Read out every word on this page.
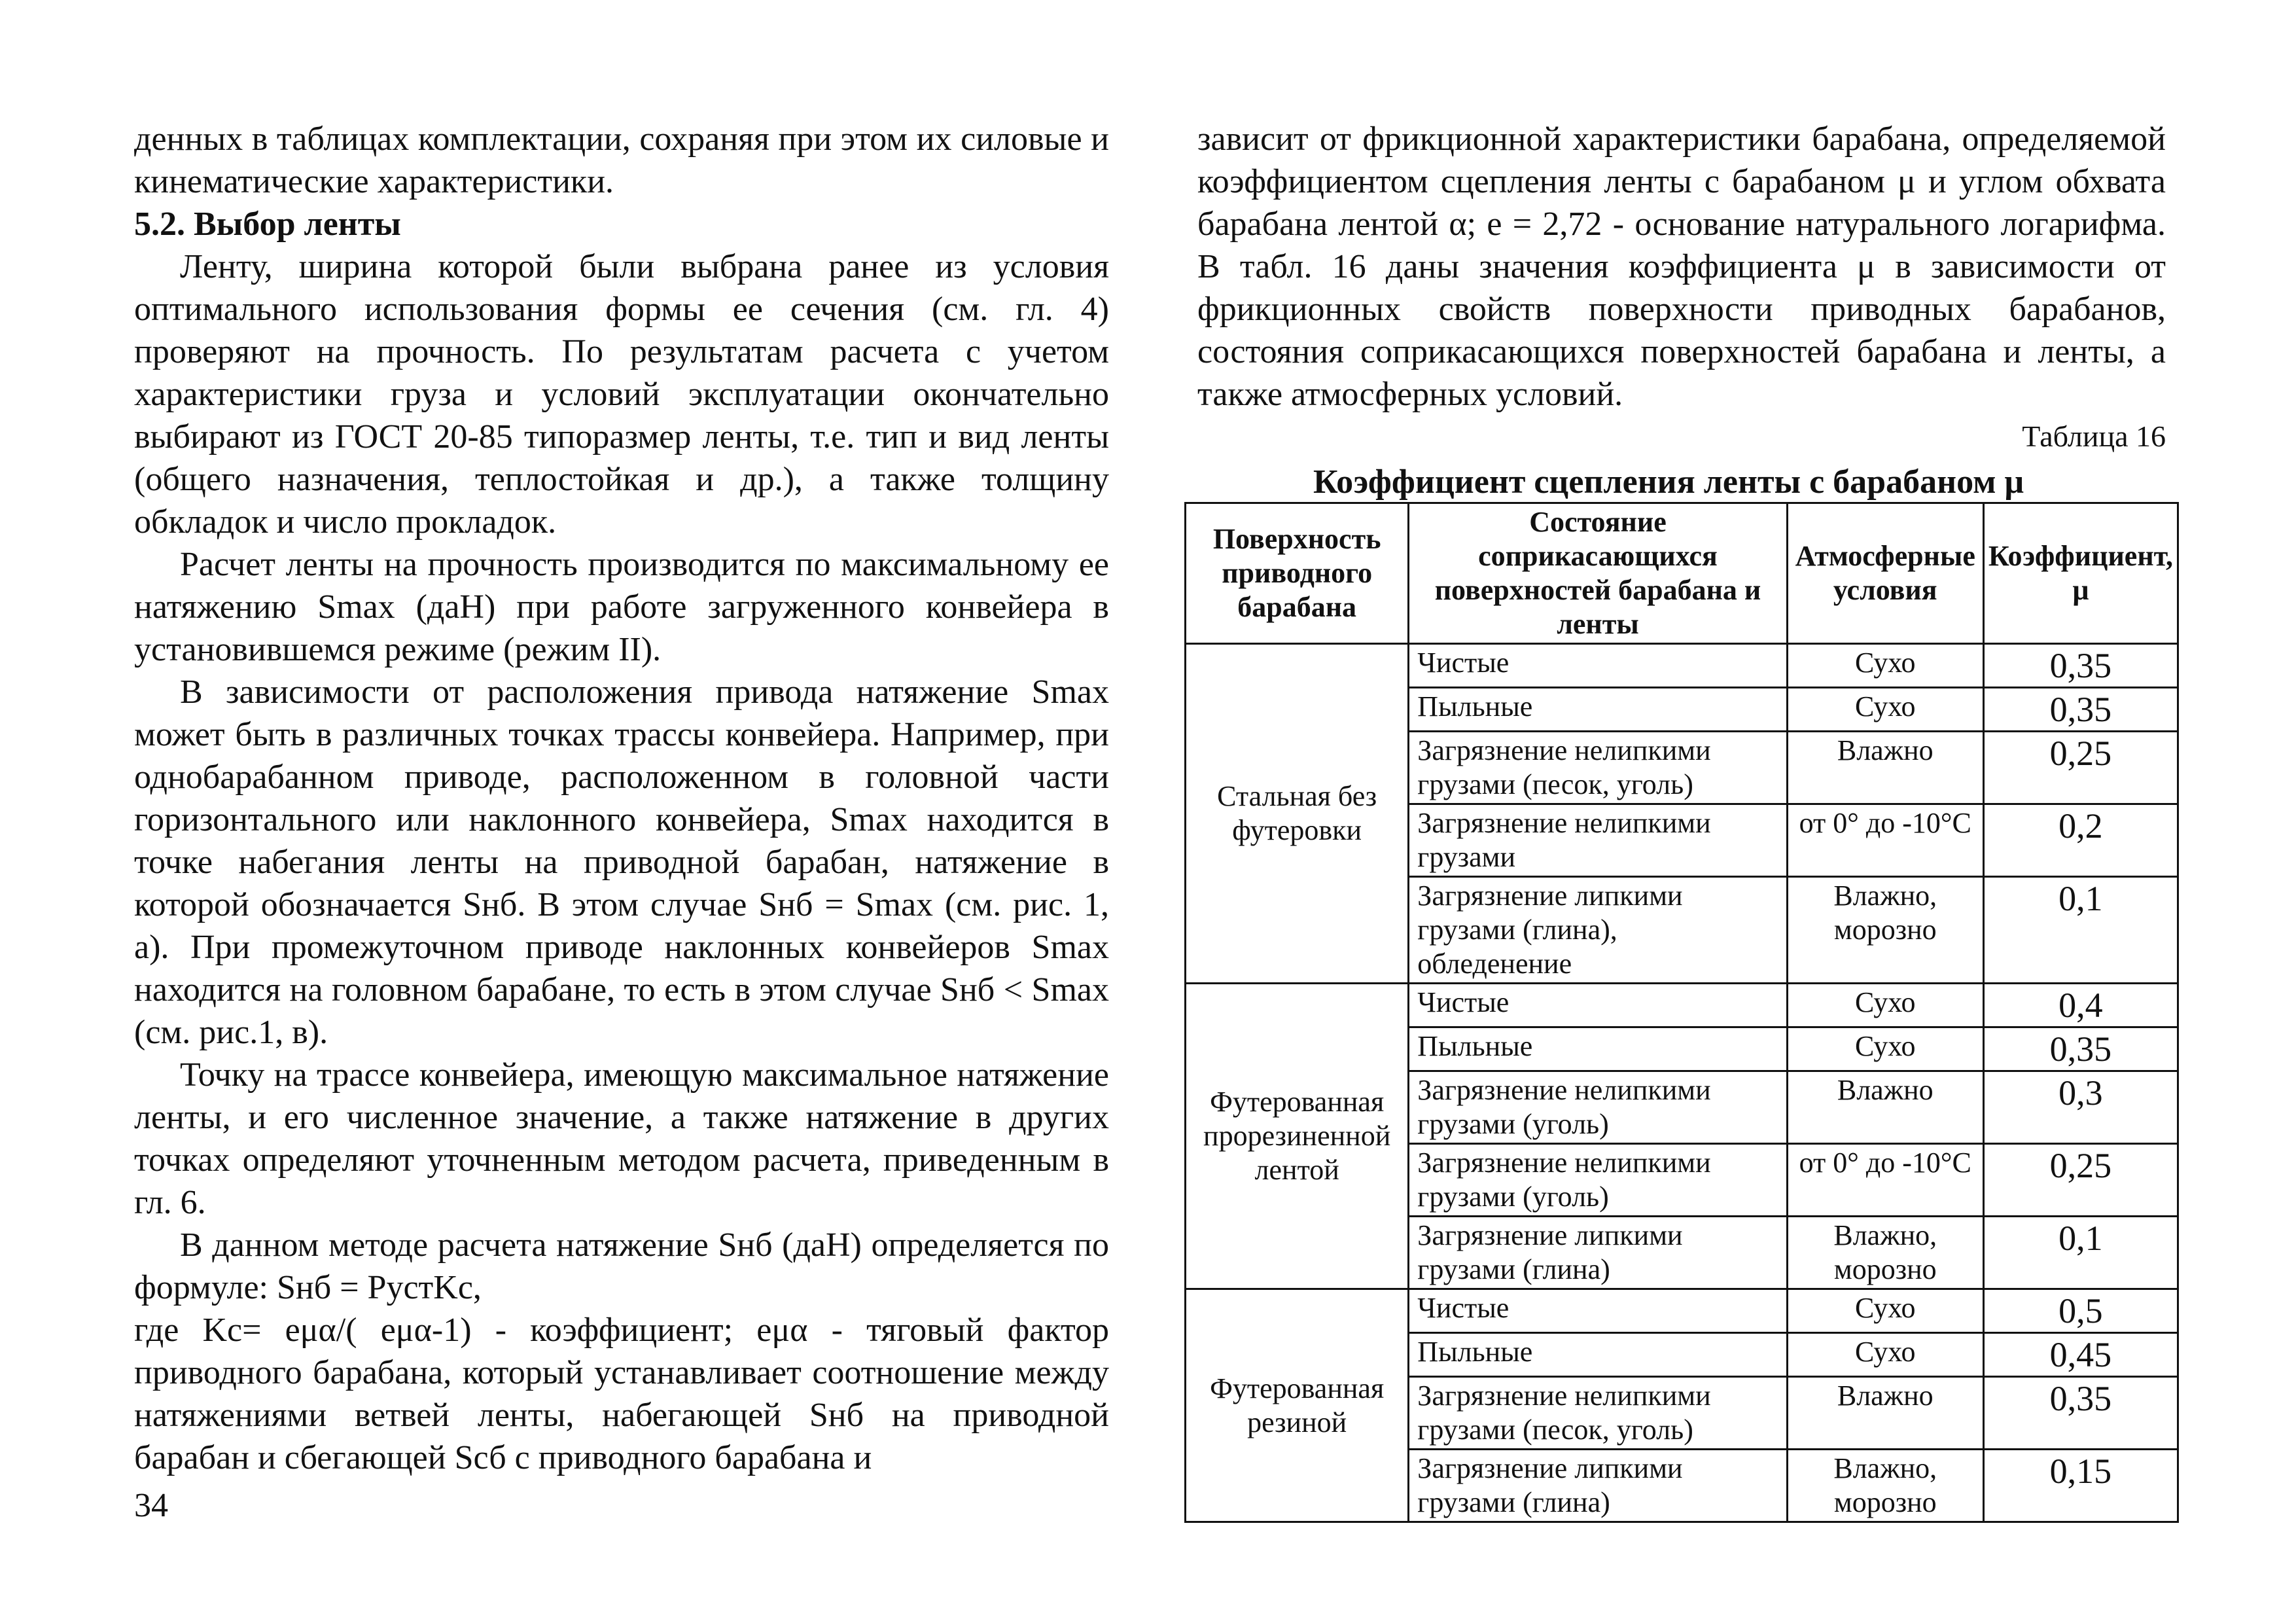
денных в таблицах комплектации, сохраняя при этом их силовые и кинематические характеристики.

5.2. Выбор ленты

Ленту, ширина которой были выбрана ранее из условия оптимального использования формы ее сечения (см. гл. 4) проверяют на прочность. По результатам расчета с учетом характеристики груза и условий эксплуатации окончательно выбирают из ГОСТ 20-85 типоразмер ленты, т.е. тип и вид ленты (общего назначения, теплостойкая и др.), а также толщину обкладок и число прокладок.

Расчет ленты на прочность производится по максимальному ее натяжению Smax (даН) при работе загруженного конвейера в установившемся режиме (режим II).

В зависимости от расположения привода натяжение Smax может быть в различных точках трассы конвейера. Например, при однобарабанном приводе, расположенном в головной части горизонтального или наклонного конвейера, Smax находится в точке набегания ленты на приводной барабан, натяжение в которой обозначается Sнб. В этом случае Sнб = Smax (см. рис. 1, а). При промежуточном приводе наклонных конвейеров Smax находится на головном барабане, то есть в этом случае Sнб < Smax (см. рис.1, в).

Точку на трассе конвейера, имеющую максимальное натяжение ленты, и его численное значение, а также натяжение в других точках определяют уточненным методом расчета, приведенным в гл. 6.

В данном методе расчета натяжение Sнб (даН) определяется по формуле: Sнб = PустKc,

где Kc= eμα/( eμα-1) - коэффициент; eμα - тяговый фактор приводного барабана, который устанавливает соотношение между натяжениями ветвей ленты, набегающей Sнб на приводной барабан и сбегающей Sсб с приводного барабана и

34

зависит от фрикционной характеристики барабана, определяемой коэффициентом сцепления ленты с барабаном μ и углом обхвата барабана лентой α; e = 2,72 - основание натурального логарифма. В табл. 16 даны значения коэффициента μ в зависимости от фрикционных свойств поверхности приводных барабанов, состояния соприкасающихся поверхностей барабана и ленты, а также атмосферных условий.

Таблица 16
Коэффициент сцепления ленты с барабаном μ
Поверхность приводного барабана	Состояние соприкасающихся поверхностей барабана и ленты	Атмосферные условия	Коэффициент, μ
Стальная без футеровки	Чистые	Сухо	0,35
	Пыльные	Сухо	0,35
	Загрязнение нелипкими грузами (песок, уголь)	Влажно	0,25
	Загрязнение нелипкими грузами	от 0° до -10°С	0,2
	Загрязнение липкими грузами (глина), обледенение	Влажно, морозно	0,1
Футерованная прорезиненной лентой	Чистые	Сухо	0,4
	Пыльные	Сухо	0,35
	Загрязнение нелипкими грузами (уголь)	Влажно	0,3
	Загрязнение нелипкими грузами (уголь)	от 0° до -10°С	0,25
	Загрязнение липкими грузами (глина)	Влажно, морозно	0,1
Футерованная резиной	Чистые	Сухо	0,5
	Пыльные	Сухо	0,45
	Загрязнение нелипкими грузами (песок, уголь)	Влажно	0,35
	Загрязнение липкими грузами (глина)	Влажно, морозно	0,15
